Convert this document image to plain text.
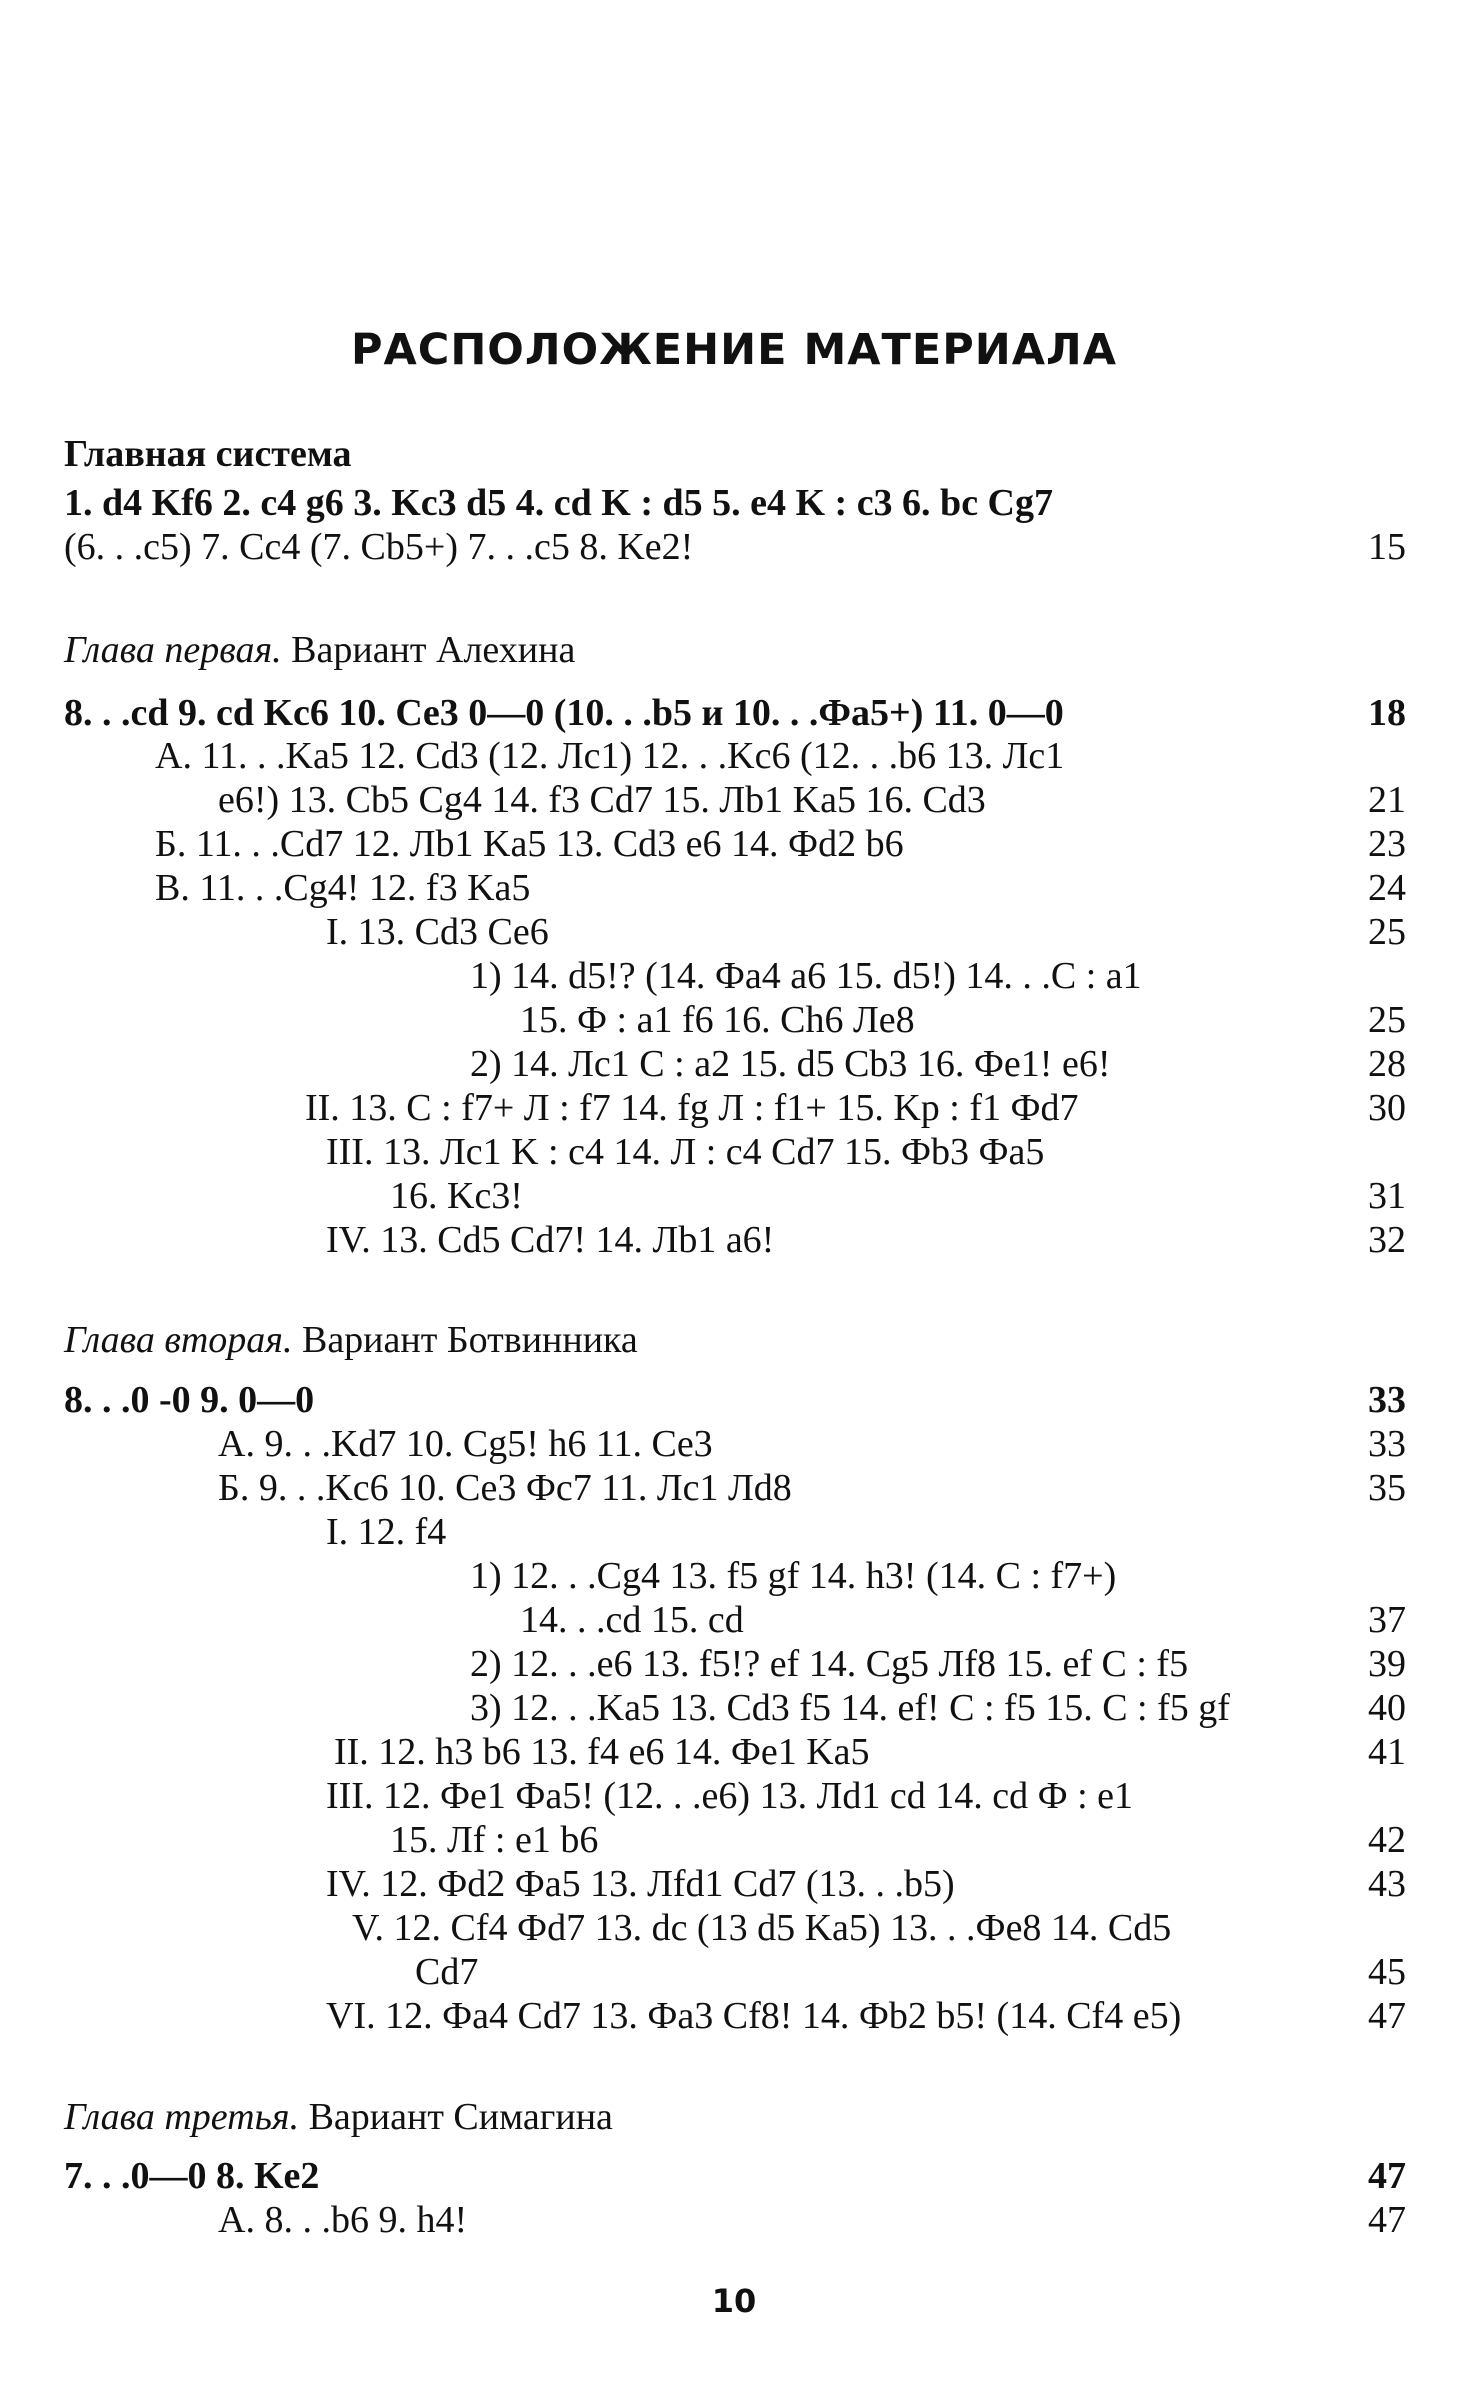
РАСПОЛОЖЕНИЕ МАТЕРИАЛА
Главная система
1. d4 Kf6 2. c4 g6 3. Kc3 d5 4. cd K : d5 5. e4 K : c3 6. bc Cg7
(6. . .c5) 7. Cc4 (7. Cb5+) 7. . .c5 8. Ke2!	15
Глава первая. Вариант Алехина
8. . .cd 9. cd Kc6 10. Ce3 0—0 (10. . .b5 и 10. . .Фa5+) 11. 0—0	18
A. 11. . .Ka5 12. Cd3 (12. Лc1) 12. . .Kc6 (12. . .b6 13. Лc1
e6!) 13. Cb5 Cg4 14. f3 Cd7 15. Лb1 Ka5 16. Cd3	21
Б. 11. . .Cd7 12. Лb1 Ka5 13. Cd3 e6 14. Фd2 b6	23
B. 11. . .Cg4! 12. f3 Ka5	24
I. 13. Cd3 Ce6	25
1) 14. d5!? (14. Фa4 a6 15. d5!) 14. . .C : a1
15. Ф : a1 f6 16. Ch6 Лe8	25
2) 14. Лc1 C : a2 15. d5 Cb3 16. Фe1! e6!	28
II. 13. C : f7+ Л : f7 14. fg Л : f1+ 15. Kp : f1 Фd7	30
III. 13. Лc1 K : c4 14. Л : c4 Cd7 15. Фb3 Фa5
16. Kc3!	31
IV. 13. Cd5 Cd7! 14. Лb1 a6!	32
Глава вторая. Вариант Ботвинника
8. . .0 -0 9. 0—0	33
A. 9. . .Kd7 10. Cg5! h6 11. Ce3	33
Б. 9. . .Kc6 10. Ce3 Фc7 11. Лc1 Лd8	35
I. 12. f4
1) 12. . .Cg4 13. f5 gf 14. h3! (14. C : f7+)
14. . .cd 15. cd	37
2) 12. . .e6 13. f5!? ef 14. Cg5 Лf8 15. ef C : f5	39
3) 12. . .Ka5 13. Cd3 f5 14. ef! C : f5 15. C : f5 gf	40
II. 12. h3 b6 13. f4 e6 14. Фe1 Ka5	41
III. 12. Фe1 Фa5! (12. . .e6) 13. Лd1 cd 14. cd Ф : e1
15. Лf : e1 b6	42
IV. 12. Фd2 Фa5 13. Лfd1 Cd7 (13. . .b5)	43
V. 12. Cf4 Фd7 13. dc (13 d5 Ka5) 13. . .Фe8 14. Cd5
Cd7	45
VI. 12. Фa4 Cd7 13. Фa3 Cf8! 14. Фb2 b5! (14. Cf4 e5)	47
Глава третья. Вариант Симагина
7. . .0—0 8. Ke2	47
A. 8. . .b6 9. h4!	47
10
